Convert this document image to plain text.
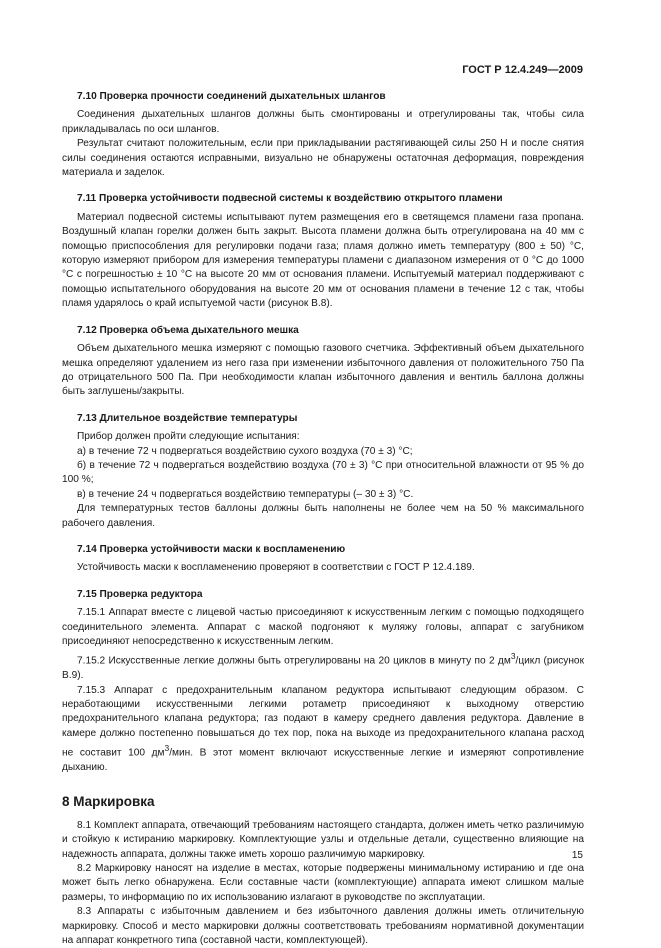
ГОСТ Р 12.4.249—2009
7.10 Проверка прочности соединений дыхательных шлангов

Соединения дыхательных шлангов должны быть смонтированы и отрегулированы так, чтобы сила прикладывалась по оси шлангов.

Результат считают положительным, если при прикладывании растягивающей силы 250 Н и после снятия силы соединения остаются исправными, визуально не обнаружены остаточная деформация, повреждения материала и заделок.

7.11 Проверка устойчивости подвесной системы к воздействию открытого пламени

Материал подвесной системы испытывают путем размещения его в светящемся пламени газа пропана. Воздушный клапан горелки должен быть закрыт. Высота пламени должна быть отрегулирована на 40 мм с помощью приспособления для регулировки подачи газа; пламя должно иметь температуру (800 ± 50) °С, которую измеряют прибором для измерения температуры пламени с диапазоном измерения от 0 °С до 1000 °С с погрешностью ± 10 °С на высоте 20 мм от основания пламени. Испытуемый материал поддерживают с помощью испытательного оборудования на высоте 20 мм от основания пламени в течение 12 с так, чтобы пламя ударялось о край испытуемой части (рисунок В.8).

7.12 Проверка объема дыхательного мешка

Объем дыхательного мешка измеряют с помощью газового счетчика. Эффективный объем дыхательного мешка определяют удалением из него газа при изменении избыточного давления от положительного 750 Па до отрицательного 500 Па. При необходимости клапан избыточного давления и вентиль баллона должны быть заглушены/закрыты.

7.13 Длительное воздействие температуры

Прибор должен пройти следующие испытания:

а) в течение 72 ч подвергаться воздействию сухого воздуха (70 ± 3) °С;

б) в течение 72 ч подвергаться воздействию воздуха (70 ± 3) °С при относительной влажности от 95 % до 100 %;

в) в течение 24 ч подвергаться воздействию температуры (– 30 ± 3) °С.

Для температурных тестов баллоны должны быть наполнены не более чем на 50 % максимального рабочего давления.

7.14 Проверка устойчивости маски к воспламенению

Устойчивость маски к воспламенению проверяют в соответствии с ГОСТ Р 12.4.189.

7.15 Проверка редуктора

7.15.1 Аппарат вместе с лицевой частью присоединяют к искусственным легким с помощью подходящего соединительного элемента. Аппарат с маской подгоняют к муляжу головы, аппарат с загубником присоединяют непосредственно к искусственным легким.

7.15.2 Искусственные легкие должны быть отрегулированы на 20 циклов в минуту по 2 $дм^3$/цикл (рисунок В.9).

7.15.3 Аппарат с предохранительным клапаном редуктора испытывают следующим образом. С неработающими искусственными легкими ротаметр присоединяют к выходному отверстию предохранительного клапана редуктора; газ подают в камеру среднего давления редуктора. Давление в камере должно постепенно повышаться до тех пор, пока на выходе из предохранительного клапана расход не составит 100 $дм^3$/мин. В этот момент включают искусственные легкие и измеряют сопротивление дыханию.

8 Маркировка

8.1 Комплект аппарата, отвечающий требованиям настоящего стандарта, должен иметь четко различимую и стойкую к истиранию маркировку. Комплектующие узлы и отдельные детали, существенно влияющие на надежность аппарата, должны также иметь хорошо различимую маркировку.

8.2 Маркировку наносят на изделие в местах, которые подвержены минимальному истиранию и где она может быть легко обнаружена. Если составные части (комплектующие) аппарата имеют слишком малые размеры, то информацию по их использованию излагают в руководстве по эксплуатации.

8.3 Аппараты с избыточным давлением и без избыточного давления должны иметь отличительную маркировку. Способ и место маркировки должны соответствовать требованиям нормативной документации на аппарат конкретного типа (составной части, комплектующей).

15
